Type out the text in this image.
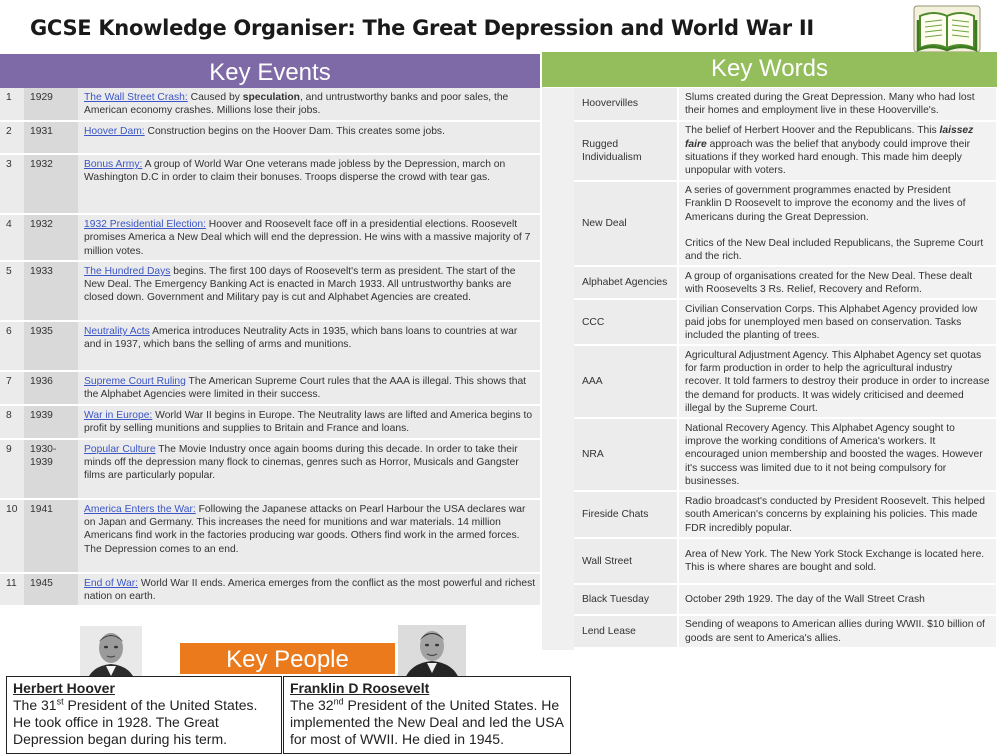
GCSE Knowledge Organiser: The Great Depression and World War II
Key Events
1	1929	The Wall Street Crash: Caused by speculation, and untrustworthy banks and poor sales, the American economy crashes. Millions lose their jobs.
2	1931	Hoover Dam: Construction begins on the Hoover Dam. This creates some jobs.
3	1932	Bonus Army: A group of World War One veterans made jobless by the Depression, march on Washington D.C in order to claim their bonuses. Troops disperse the crowd with tear gas.
4	1932	1932 Presidential Election: Hoover and Roosevelt face off in a presidential elections. Roosevelt promises America a New Deal which will end the depression. He wins with a massive majority of 7 million votes.
5	1933	The Hundred Days begins. The first 100 days of Roosevelt's term as president. The start of the New Deal. The Emergency Banking Act is enacted in March 1933. All untrustworthy banks are closed down. Government and Military pay is cut and Alphabet Agencies are created.
6	1935	Neutrality Acts America introduces Neutrality Acts in 1935, which bans loans to countries at war and in 1937, which bans the selling of arms and munitions.
7	1936	Supreme Court Ruling The American Supreme Court rules that the AAA is illegal. This shows that the Alphabet Agencies were limited in their success.
8	1939	War in Europe: World War II begins in Europe. The Neutrality laws are lifted and America begins to profit by selling munitions and supplies to Britain and France and loans.
9	1930-1939	Popular Culture The Movie Industry once again booms during this decade. In order to take their minds off the depression many flock to cinemas, genres such as Horror, Musicals and Gangster films are particularly popular.
10	1941	America Enters the War: Following the Japanese attacks on Pearl Harbour the USA declares war on Japan and Germany. This increases the need for munitions and war materials. 14 million Americans find work in the factories producing war goods. Others find work in the armed forces. The Depression comes to an end.
11	1945	End of War: World War II ends. America emerges from the conflict as the most powerful and richest nation on earth.
Key Words
Hoovervilles	Slums created during the Great Depression. Many who had lost their homes and employment live in these Hooverville's.
Rugged Individualism	The belief of Herbert Hoover and the Republicans. This laissez faire approach was the belief that anybody could improve their situations if they worked hard enough. This made him deeply unpopular with voters.
New Deal	A series of government programmes enacted by President Franklin D Roosevelt to improve the economy and the lives of Americans during the Great Depression.

Critics of the New Deal included Republicans, the Supreme Court and the rich.

Alphabet Agencies	A group of organisations created for the New Deal. These dealt with Roosevelts 3 Rs. Relief, Recovery and Reform.
CCC	Civilian Conservation Corps. This Alphabet Agency provided low paid jobs for unemployed men based on conservation. Tasks included the planting of trees.
AAA	Agricultural Adjustment Agency. This Alphabet Agency set quotas for farm production in order to help the agricultural industry recover. It told farmers to destroy their produce in order to increase the demand for products. It was widely criticised and deemed illegal by the Supreme Court.
NRA	National Recovery Agency. This Alphabet Agency sought to improve the working conditions of America's workers. It encouraged union membership and boosted the wages. However it's success was limited due to it not being compulsory for businesses.
Fireside Chats	Radio broadcast's conducted by President Roosevelt. This helped south American's concerns by explaining his policies. This made FDR incredibly popular.
Wall Street	Area of New York. The New York Stock Exchange is located here. This is where shares are bought and sold.
Black Tuesday	October 29th 1929. The day of the Wall Street Crash
Lend Lease	Sending of weapons to American allies during WWII. $10 billion of goods are sent to America's allies.
Key People
Herbert Hoover
The 31st President of the United States. He took office in 1928. The Great Depression began during his term.
Franklin D Roosevelt
The 32nd President of the United States. He implemented the New Deal and led the USA for most of WWII. He died in 1945.
